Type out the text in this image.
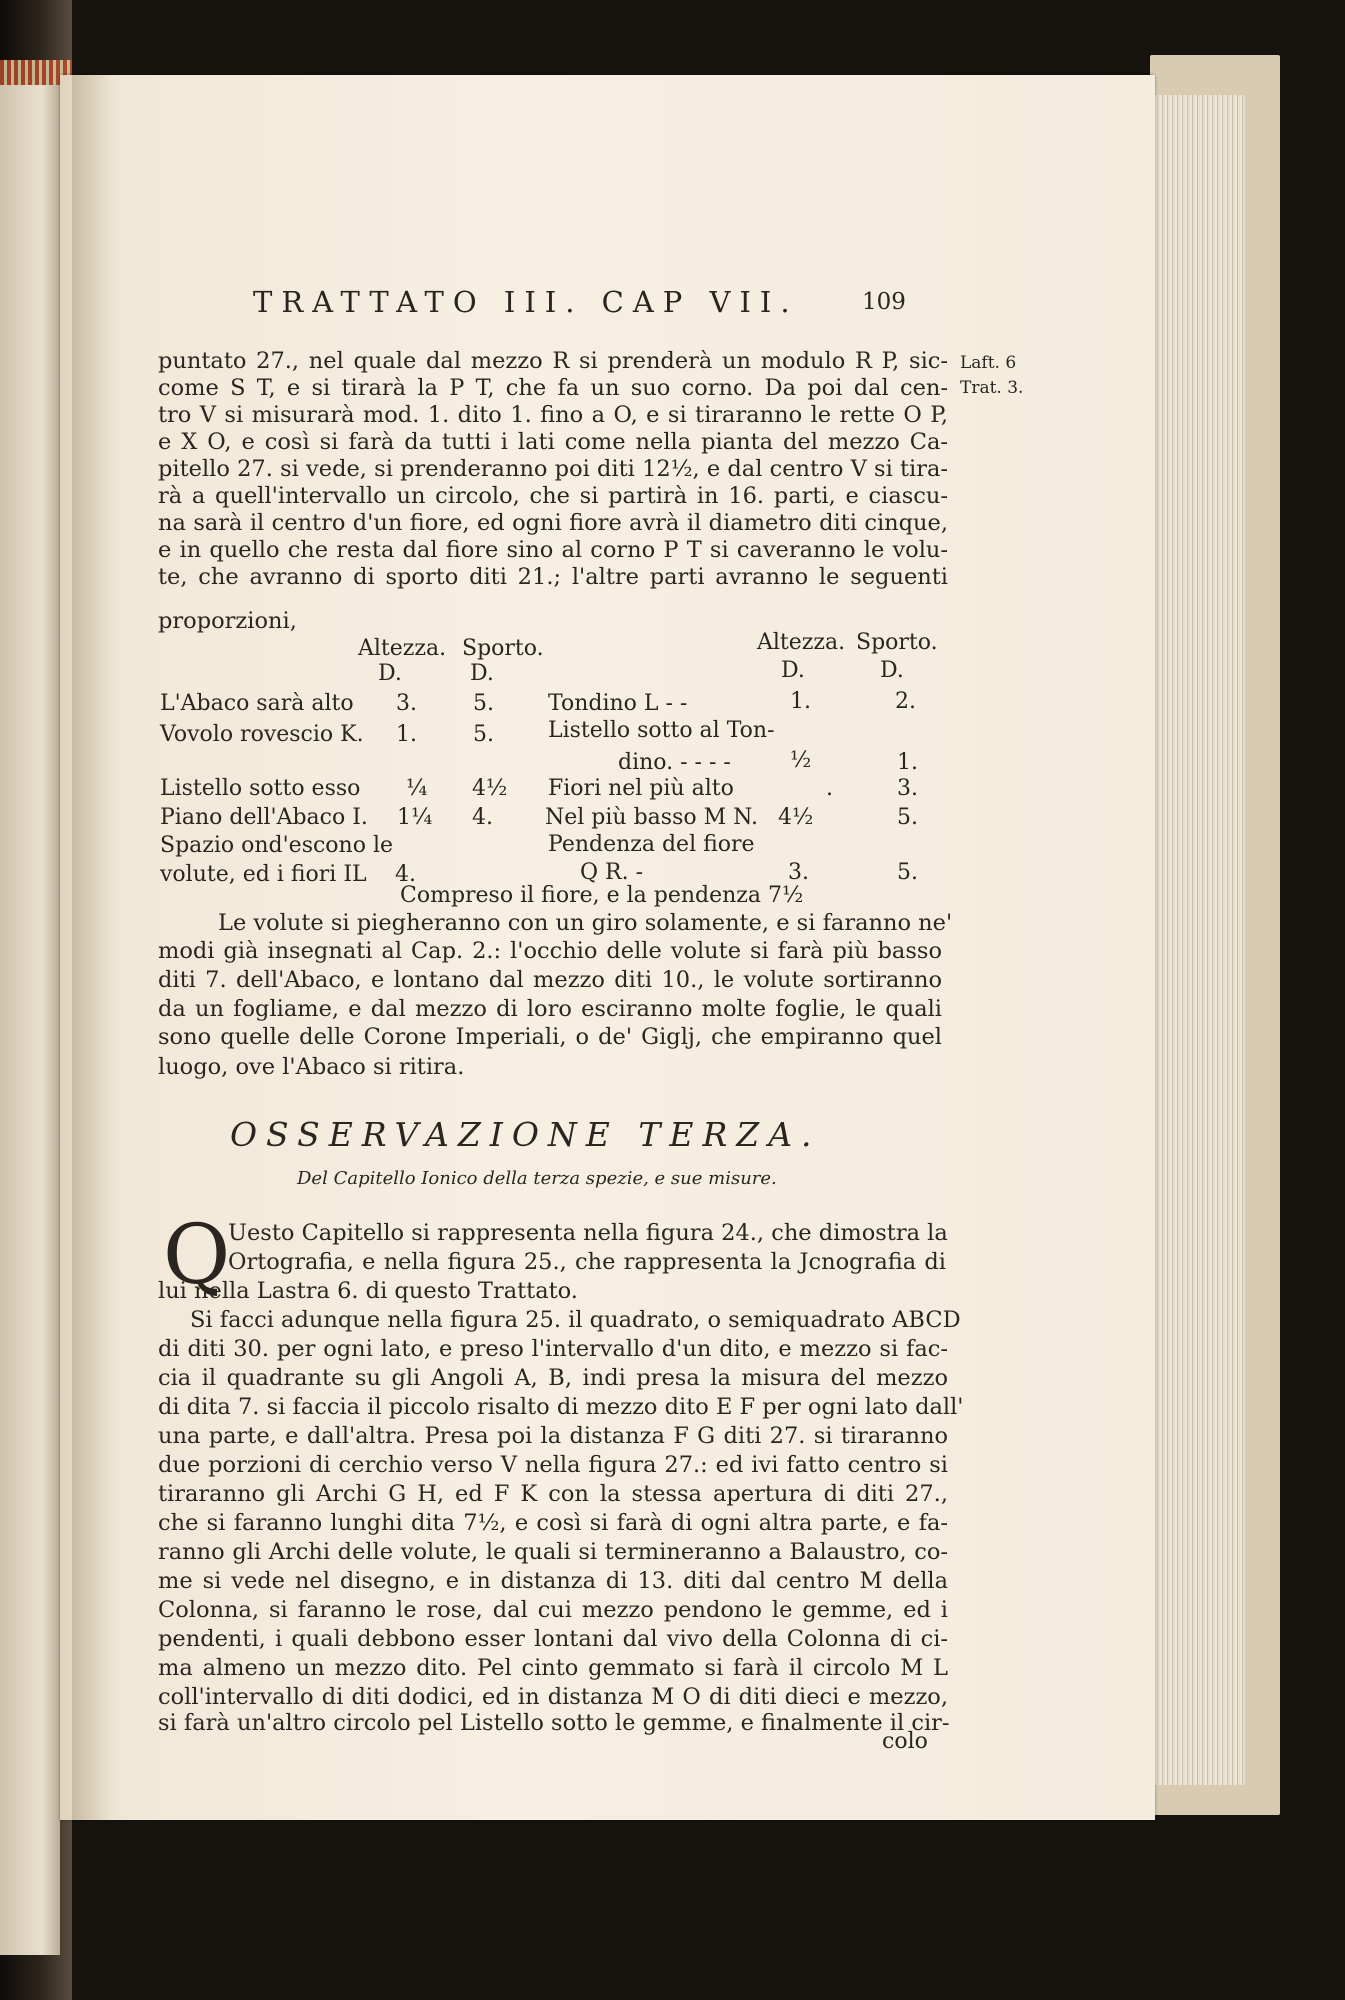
TRATTATO III. CAP VII.	109
Laft. 6
Trat. 3.
puntato 27., nel quale dal mezzo R si prenderà un modulo R P, sic-
come S T, e si tirarà la P T, che fa un suo corno. Da poi dal cen-
tro V si misurarà mod. 1. dito 1. fino a O, e si tiraranno le rette O P,
e X O, e così si farà da tutti i lati come nella pianta del mezzo Ca-
pitello 27. si vede, si prenderanno poi diti 12½, e dal centro V si tira-
rà a quell'intervallo un circolo, che si partirà in 16. parti, e ciascu-
na sarà il centro d'un fiore, ed ogni fiore avrà il diametro diti cinque,
e in quello che resta dal fiore sino al corno P T si caveranno le volu-
te, che avranno di sporto diti 21.; l'altre parti avranno le seguenti
proporzioni,
Altezza. Sporto.	Altezza. Sporto.
D.	D.	D.	D.
L'Abaco sarà alto 3.	5.
Vovolo rovescio K. 1.	5.
Listello sotto esso ¼ 4½
Piano dell'Abaco I. 1¼ 4.
Spazio ond'escono le
volute, ed i fiori IL 4.
Tondino L - -	1.	2.
Listello sotto al Ton-
dino. - - - -	½	1.
Fiori nel più alto	.	3.
Nel più basso M N. 4½	5.
Pendenza del fiore
Q R. -	3.	5.
Compreso il fiore, e la pendenza 7½
Le volute si piegheranno con un giro solamente, e si faranno ne'
modi già insegnati al Cap. 2.: l'occhio delle volute si farà più basso
diti 7. dell'Abaco, e lontano dal mezzo diti 10., le volute sortiranno
da un fogliame, e dal mezzo di loro esciranno molte foglie, le quali
sono quelle delle Corone Imperiali, o de' Giglj, che empiranno quel
luogo, ove l'Abaco si ritira.
OSSERVAZIONE TERZA.
Del Capitello Ionico della terza spezie, e sue misure.
Q
Uesto Capitello si rappresenta nella figura 24., che dimostra la
Ortografia, e nella figura 25., che rappresenta la Jcnografia di
lui nella Lastra 6. di questo Trattato.
Si facci adunque nella figura 25. il quadrato, o semiquadrato ABCD
di diti 30. per ogni lato, e preso l'intervallo d'un dito, e mezzo si fac-
cia il quadrante su gli Angoli A, B, indi presa la misura del mezzo
di dita 7. si faccia il piccolo risalto di mezzo dito E F per ogni lato dall'
una parte, e dall'altra. Presa poi la distanza F G diti 27. si tiraranno
due porzioni di cerchio verso V nella figura 27.: ed ivi fatto centro si
tiraranno gli Archi G H, ed F K con la stessa apertura di diti 27.,
che si faranno lunghi dita 7½, e così si farà di ogni altra parte, e fa-
ranno gli Archi delle volute, le quali si termineranno a Balaustro, co-
me si vede nel disegno, e in distanza di 13. diti dal centro M della
Colonna, si faranno le rose, dal cui mezzo pendono le gemme, ed i
pendenti, i quali debbono esser lontani dal vivo della Colonna di ci-
ma almeno un mezzo dito. Pel cinto gemmato si farà il circolo M L
coll'intervallo di diti dodici, ed in distanza M O di diti dieci e mezzo,
si farà un'altro circolo pel Listello sotto le gemme, e finalmente il cir-
colo
